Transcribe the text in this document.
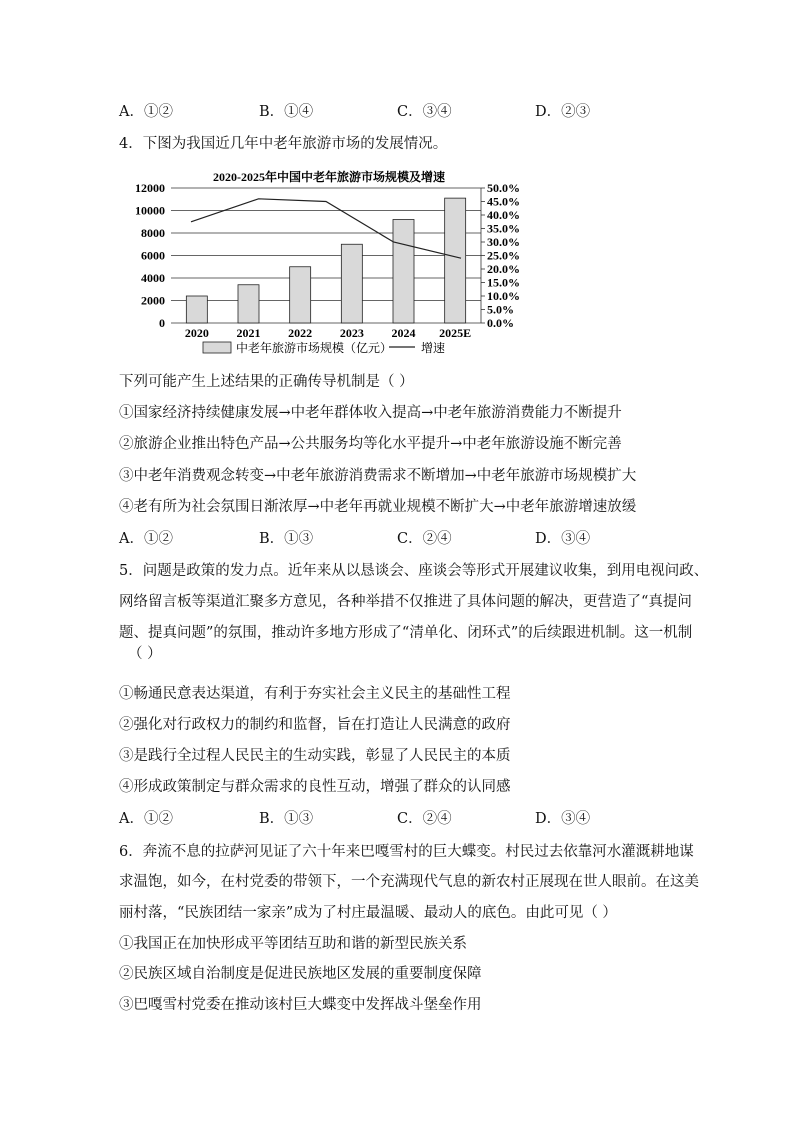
A．①②	B．①④	C．③④	D．②③
4．下图为我国近几年中老年旅游市场的发展情况。
2020-2025年中国中老年旅游市场规模及增速
0
2000
4000
6000
8000
10000
12000
0.0%
5.0%
10.0%
15.0%
20.0%
25.0%
30.0%
35.0%
40.0%
45.0%
50.0%
2020 2021 2022 2023 2024 2025E
中老年旅游市场规模（亿元） 增速
下列可能产生上述结果的正确传导机制是（ ）
①国家经济持续健康发展→中老年群体收入提高→中老年旅游消费能力不断提升
②旅游企业推出特色产品→公共服务均等化水平提升→中老年旅游设施不断完善
③中老年消费观念转变→中老年旅游消费需求不断增加→中老年旅游市场规模扩大
④老有所为社会氛围日渐浓厚→中老年再就业规模不断扩大→中老年旅游增速放缓
A．①②	B．①③	C．②④	D．③④
5．问题是政策的发力点。近年来从以恳谈会、座谈会等形式开展建议收集，到用电视问政、
网络留言板等渠道汇聚多方意见，各种举措不仅推进了具体问题的解决，更营造了“真提问
题、提真问题”的氛围，推动许多地方形成了“清单化、闭环式”的后续跟进机制。这一机制
（ ）
①畅通民意表达渠道，有利于夯实社会主义民主的基础性工程
②强化对行政权力的制约和监督，旨在打造让人民满意的政府
③是践行全过程人民民主的生动实践，彰显了人民民主的本质
④形成政策制定与群众需求的良性互动，增强了群众的认同感
A．①②	B．①③	C．②④	D．③④
6．奔流不息的拉萨河见证了六十年来巴嘎雪村的巨大蝶变。村民过去依靠河水灌溉耕地谋
求温饱，如今，在村党委的带领下，一个充满现代气息的新农村正展现在世人眼前。在这美
丽村落，“民族团结一家亲”成为了村庄最温暖、最动人的底色。由此可见（ ）
①我国正在加快形成平等团结互助和谐的新型民族关系
②民族区域自治制度是促进民族地区发展的重要制度保障
③巴嘎雪村党委在推动该村巨大蝶变中发挥战斗堡垒作用
